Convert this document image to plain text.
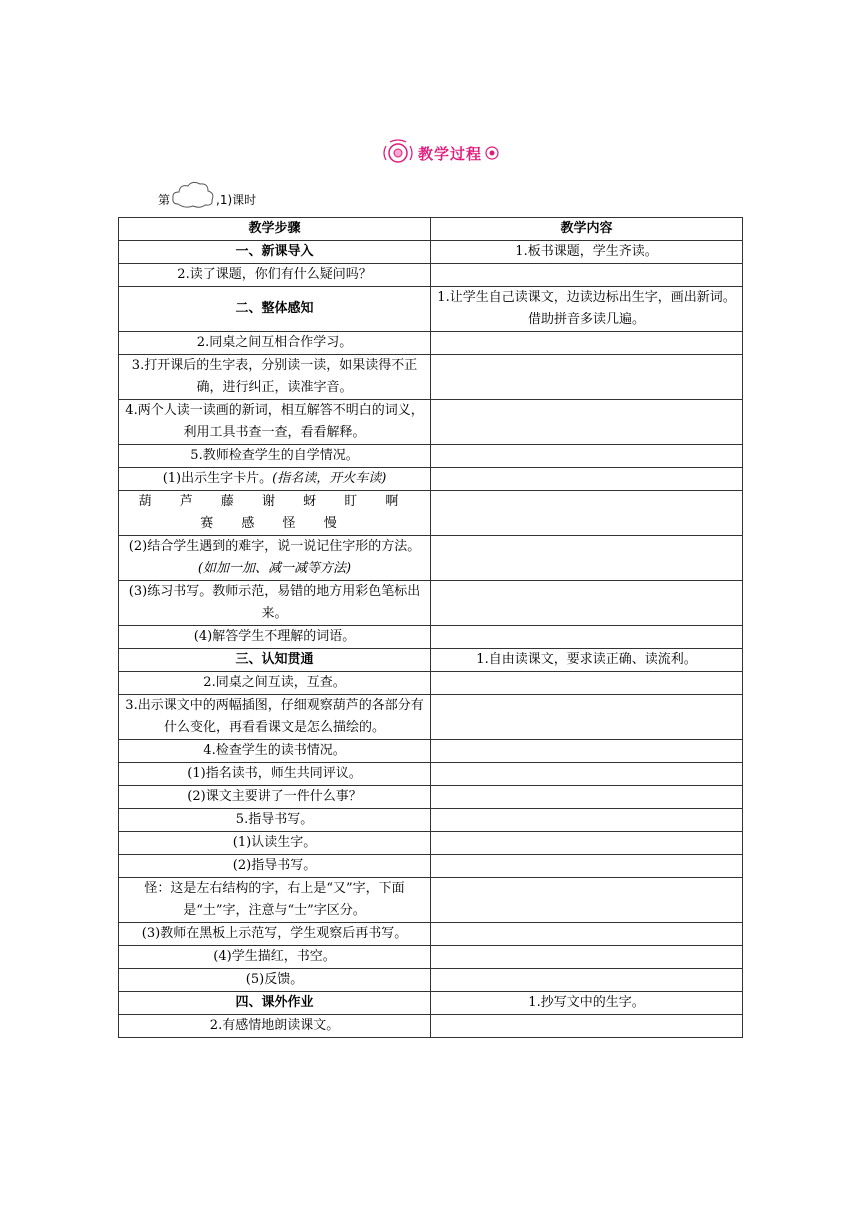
教学过程
第	,1)课时
教学步骤	教学内容
一、新课导入	1.板书课题，学生齐读。
2.读了课题，你们有什么疑问吗？	
二、整体感知	1.让学生自己读课文，边读边标出生字，画出新词。借助拼音多读几遍。
2.同桌之间互相合作学习。	
3.打开课后的生字表，分别读一读，如果读得不正确，进行纠正，读准字音。	
4.两个人读一读画的新词，相互解答不明白的词义，利用工具书查一查，看看解释。	
5.教师检查学生的自学情况。	
(1)出示生字卡片。(指名读，开火车读)	
葫 芦 藤 谢 蚜 盯 啊 赛 感 怪 慢	
(2)结合学生遇到的难字，说一说记住字形的方法。(如加一加、减一减等方法)	
(3)练习书写。教师示范，易错的地方用彩色笔标出来。	
(4)解答学生不理解的词语。	
三、认知贯通	1.自由读课文，要求读正确、读流利。
2.同桌之间互读，互查。	
3.出示课文中的两幅插图，仔细观察葫芦的各部分有什么变化，再看看课文是怎么描绘的。	
4.检查学生的读书情况。	
(1)指名读书，师生共同评议。	
(2)课文主要讲了一件什么事？	
5.指导书写。	
(1)认读生字。	
(2)指导书写。	
怪：这是左右结构的字，右上是“又”字，下面是“土”字，注意与“士”字区分。	
(3)教师在黑板上示范写，学生观察后再书写。	
(4)学生描红，书空。	
(5)反馈。	
四、课外作业	1.抄写文中的生字。
2.有感情地朗读课文。	
